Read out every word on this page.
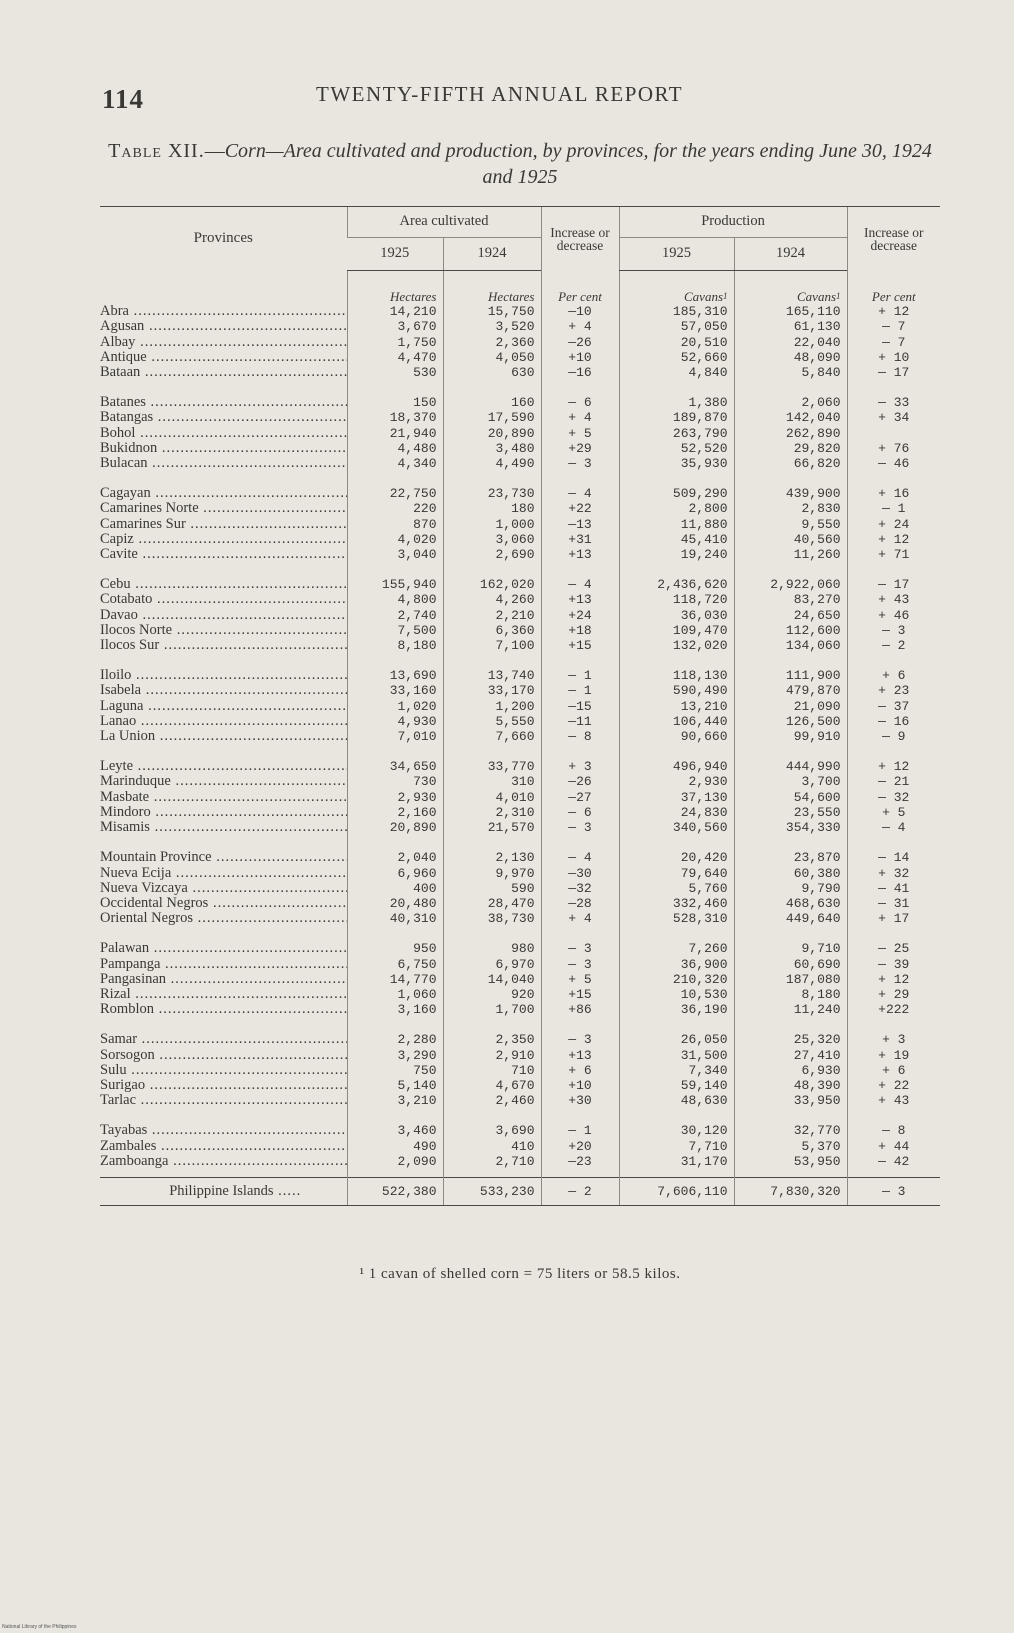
114	TWENTY-FIFTH ANNUAL REPORT
Table XII.—Corn—Area cultivated and production, by provinces, for the years ending June 30, 1924 and 1925
Provinces	Area cultivated		Increase or decrease	Production		Increase or decrease
	1925	1924		1925	1924	
	Hectares	Hectares	Per cent	Cavans$^1$	Cavans$^1$	Per cent
Abra .....	14,210	15,750	—10	185,310	165,110	+ 12
Agusan .....	3,670	3,520	+ 4	57,050	61,130	— 7
Albay .....	1,750	2,360	—26	20,510	22,040	— 7
Antique .....	4,470	4,050	+10	52,660	48,090	+ 10
Bataan .....	530	630	—16	4,840	5,840	— 17

Batanes .....	150	160	— 6	1,380	2,060	— 33
Batangas .....	18,370	17,590	+ 4	189,870	142,040	+ 34
Bohol .....	21,940	20,890	+ 5	263,790	262,890	
Bukidnon .....	4,480	3,480	+29	52,520	29,820	+ 76
Bulacan .....	4,340	4,490	— 3	35,930	66,820	— 46

Cagayan .....	22,750	23,730	— 4	509,290	439,900	+ 16
Camarines Norte .....	220	180	+22	2,800	2,830	— 1
Camarines Sur .....	870	1,000	—13	11,880	9,550	+ 24
Capiz .....	4,020	3,060	+31	45,410	40,560	+ 12
Cavite .....	3,040	2,690	+13	19,240	11,260	+ 71

Cebu .....	155,940	162,020	— 4	2,436,620	2,922,060	— 17
Cotabato .....	4,800	4,260	+13	118,720	83,270	+ 43
Davao .....	2,740	2,210	+24	36,030	24,650	+ 46
Ilocos Norte .....	7,500	6,360	+18	109,470	112,600	— 3
Ilocos Sur .....	8,180	7,100	+15	132,020	134,060	— 2

Iloilo .....	13,690	13,740	— 1	118,130	111,900	+ 6
Isabela .....	33,160	33,170	— 1	590,490	479,870	+ 23
Laguna .....	1,020	1,200	—15	13,210	21,090	— 37
Lanao .....	4,930	5,550	—11	106,440	126,500	— 16
La Union .....	7,010	7,660	— 8	90,660	99,910	— 9

Leyte .....	34,650	33,770	+ 3	496,940	444,990	+ 12
Marinduque .....	730	310	—26	2,930	3,700	— 21
Masbate .....	2,930	4,010	—27	37,130	54,600	— 32
Mindoro .....	2,160	2,310	— 6	24,830	23,550	+ 5
Misamis .....	20,890	21,570	— 3	340,560	354,330	— 4

Mountain Province .....	2,040	2,130	— 4	20,420	23,870	— 14
Nueva Ecija .....	6,960	9,970	—30	79,640	60,380	+ 32
Nueva Vizcaya .....	400	590	—32	5,760	9,790	— 41
Occidental Negros .....	20,480	28,470	—28	332,460	468,630	— 31
Oriental Negros .....	40,310	38,730	+ 4	528,310	449,640	+ 17

Palawan .....	950	980	— 3	7,260	9,710	— 25
Pampanga .....	6,750	6,970	— 3	36,900	60,690	— 39
Pangasinan .....	14,770	14,040	+ 5	210,320	187,080	+ 12
Rizal .....	1,060	920	+15	10,530	8,180	+ 29
Romblon .....	3,160	1,700	+86	36,190	11,240	+222

Samar .....	2,280	2,350	— 3	26,050	25,320	+ 3
Sorsogon .....	3,290	2,910	+13	31,500	27,410	+ 19
Sulu .....	750	710	+ 6	7,340	6,930	+ 6
Surigao .....	5,140	4,670	+10	59,140	48,390	+ 22
Tarlac .....	3,210	2,460	+30	48,630	33,950	+ 43

Tayabas .....	3,460	3,690	— 1	30,120	32,770	— 8
Zambales .....	490	410	+20	7,710	5,370	+ 44
Zamboanga .....	2,090	2,710	—23	31,170	53,950	— 42

Philippine Islands .....	522,380	533,230	— 2	7,606,110	7,830,320	— 3
¹ 1 cavan of shelled corn = 75 liters or 58.5 kilos.
National Library of the Philippines
